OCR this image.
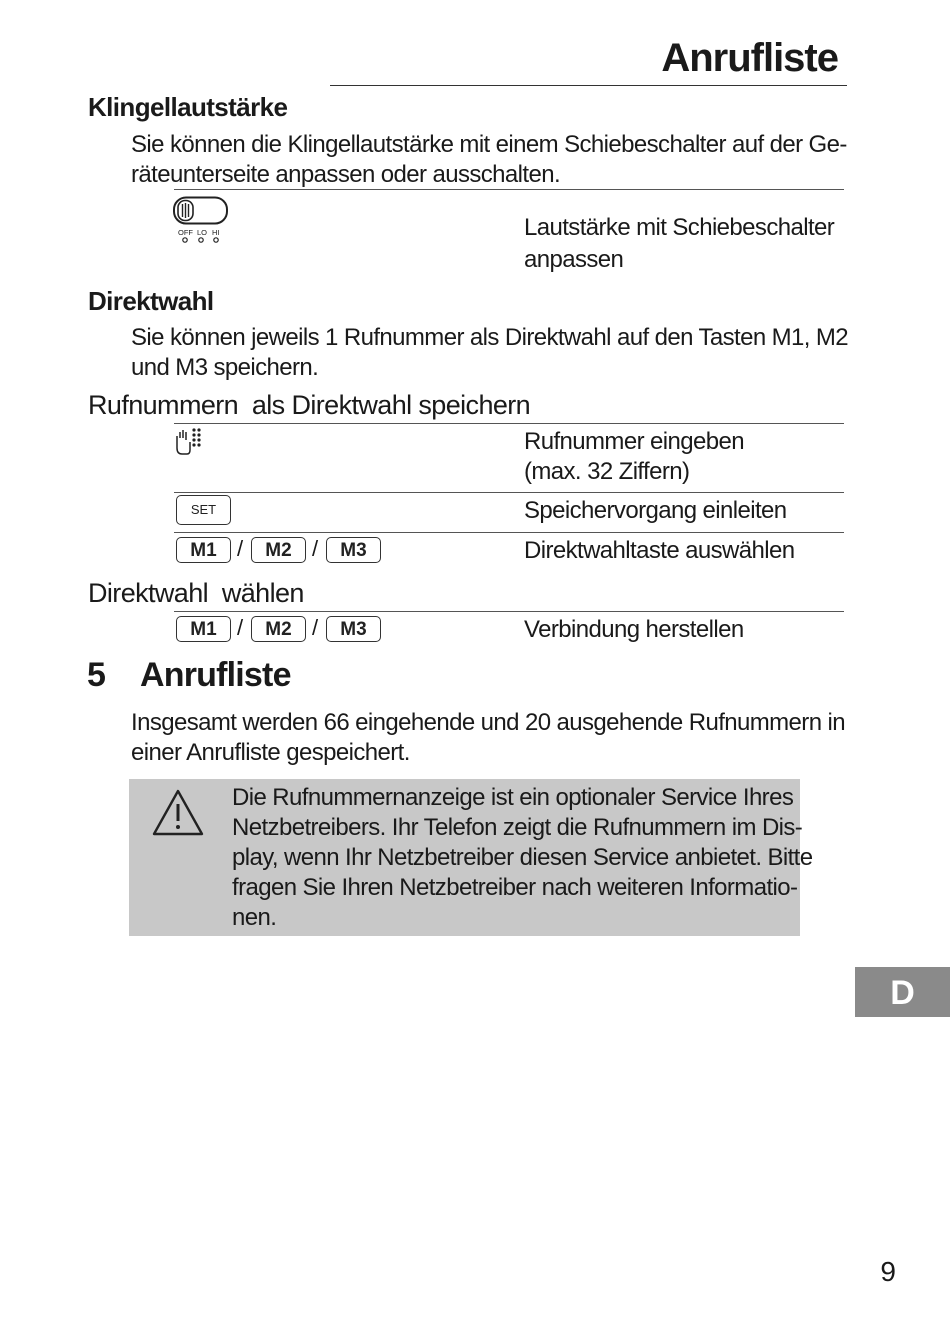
Anrufliste
Klingellautstärke
Sie können die Klingellautstärke mit einem Schiebeschalter auf der Ge-
räteunterseite anpassen oder ausschalten.
OFF LO HI	Lautstärke mit Schiebeschalter
anpassen
Direktwahl
Sie können jeweils 1 Rufnummer als Direktwahl auf den Tasten M1, M2
und M3 speichern.
Rufnummern  als Direktwahl speichern
Rufnummer eingeben
(max. 32 Ziffern)
SET	Speichervorgang einleiten
M1 /	M2 /	M3	Direktwahltaste auswählen
Direktwahl  wählen
M1 /	M2 /	M3	Verbindung herstellen
5 Anrufliste
Insgesamt werden 66 eingehende und 20 ausgehende Rufnummern in
einer Anrufliste gespeichert.
Die Rufnummernanzeige ist ein optionaler Service Ihres
Netzbetreibers. Ihr Telefon zeigt die Rufnummern im Dis-
play, wenn Ihr Netzbetreiber diesen Service anbietet. Bitte
fragen Sie Ihren Netzbetreiber nach weiteren Informatio-
nen.
D
9
